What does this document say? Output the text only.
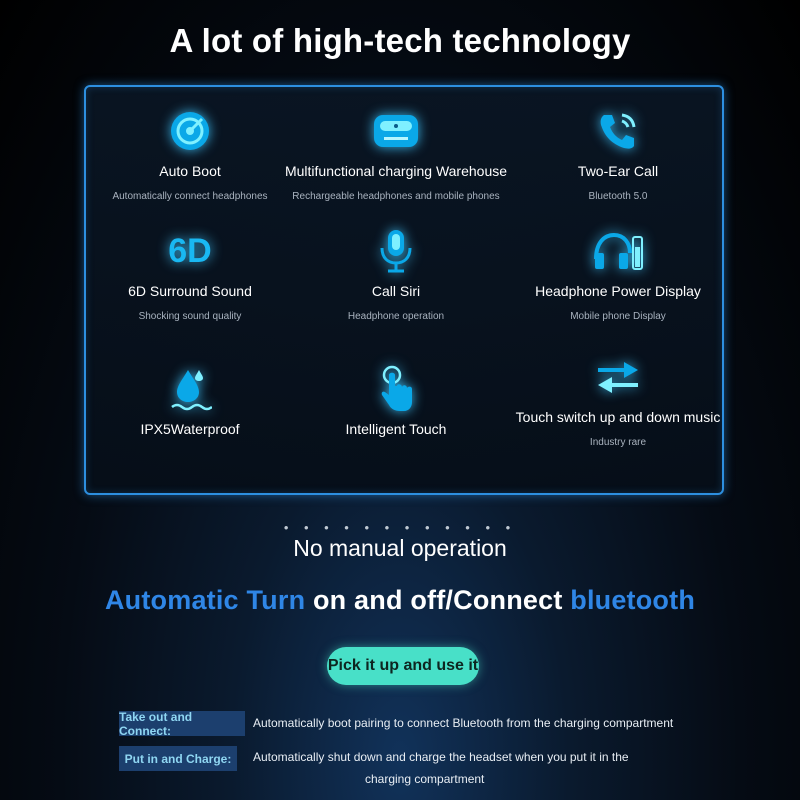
A lot of high-tech technology
Auto Boot
Automatically connect headphones
Multifunctional charging Warehouse
Rechargeable headphones and mobile phones
Two-Ear Call
Bluetooth 5.0
6D
6D Surround Sound
Shocking sound quality
Call Siri
Headphone operation
Headphone Power Display
Mobile phone Display
IPX5Waterproof	Intelligent Touch
Touch switch up and down music
Industry rare
• • • • • • • • • • • •
No manual operation
Automatic Turn on and off/Connect bluetooth
Pick it up and use it
Take out and Connect:
Automatically boot pairing to connect Bluetooth from the charging compartment
Put in and Charge:	Automatically shut down and charge the headset when you put it in the
charging compartment
